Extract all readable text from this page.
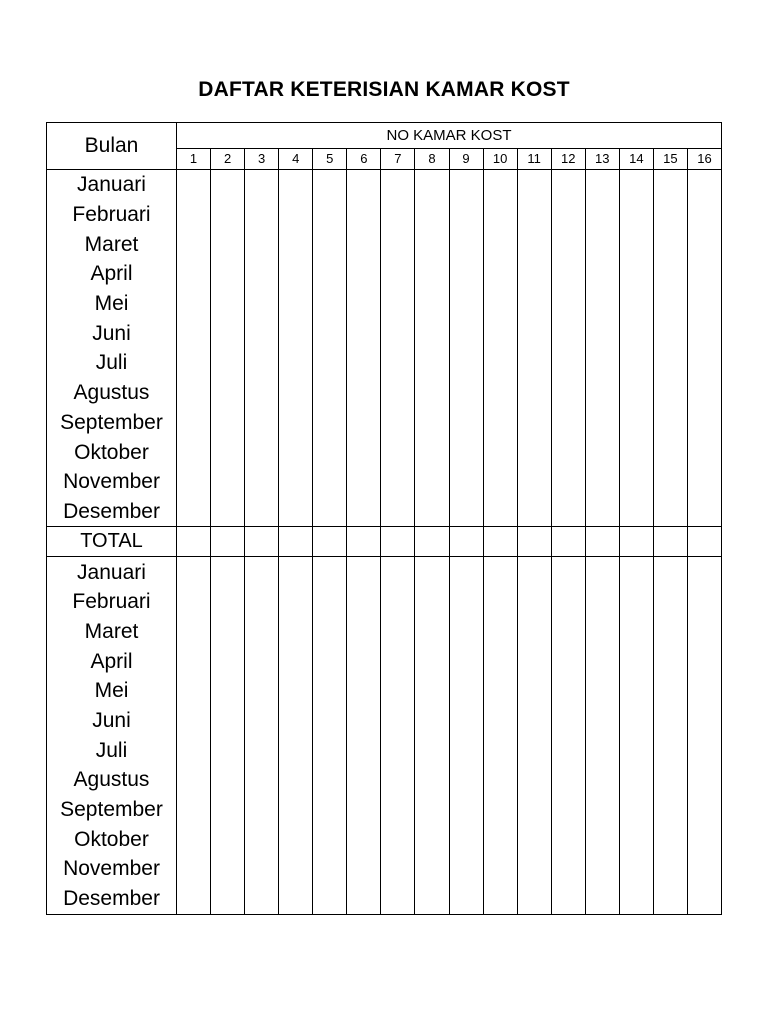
DAFTAR KETERISIAN KAMAR KOST
Bulan	NO KAMAR KOST															
	1	2	3	4	5	6	7	8	9	10	11	12	13	14	15	16
Januari																
Februari																
Maret																
April																
Mei																
Juni																
Juli																
Agustus																
September																
Oktober																
November																
Desember																
TOTAL																
Januari																
Februari																
Maret																
April																
Mei																
Juni																
Juli																
Agustus																
September																
Oktober																
November																
Desember																
